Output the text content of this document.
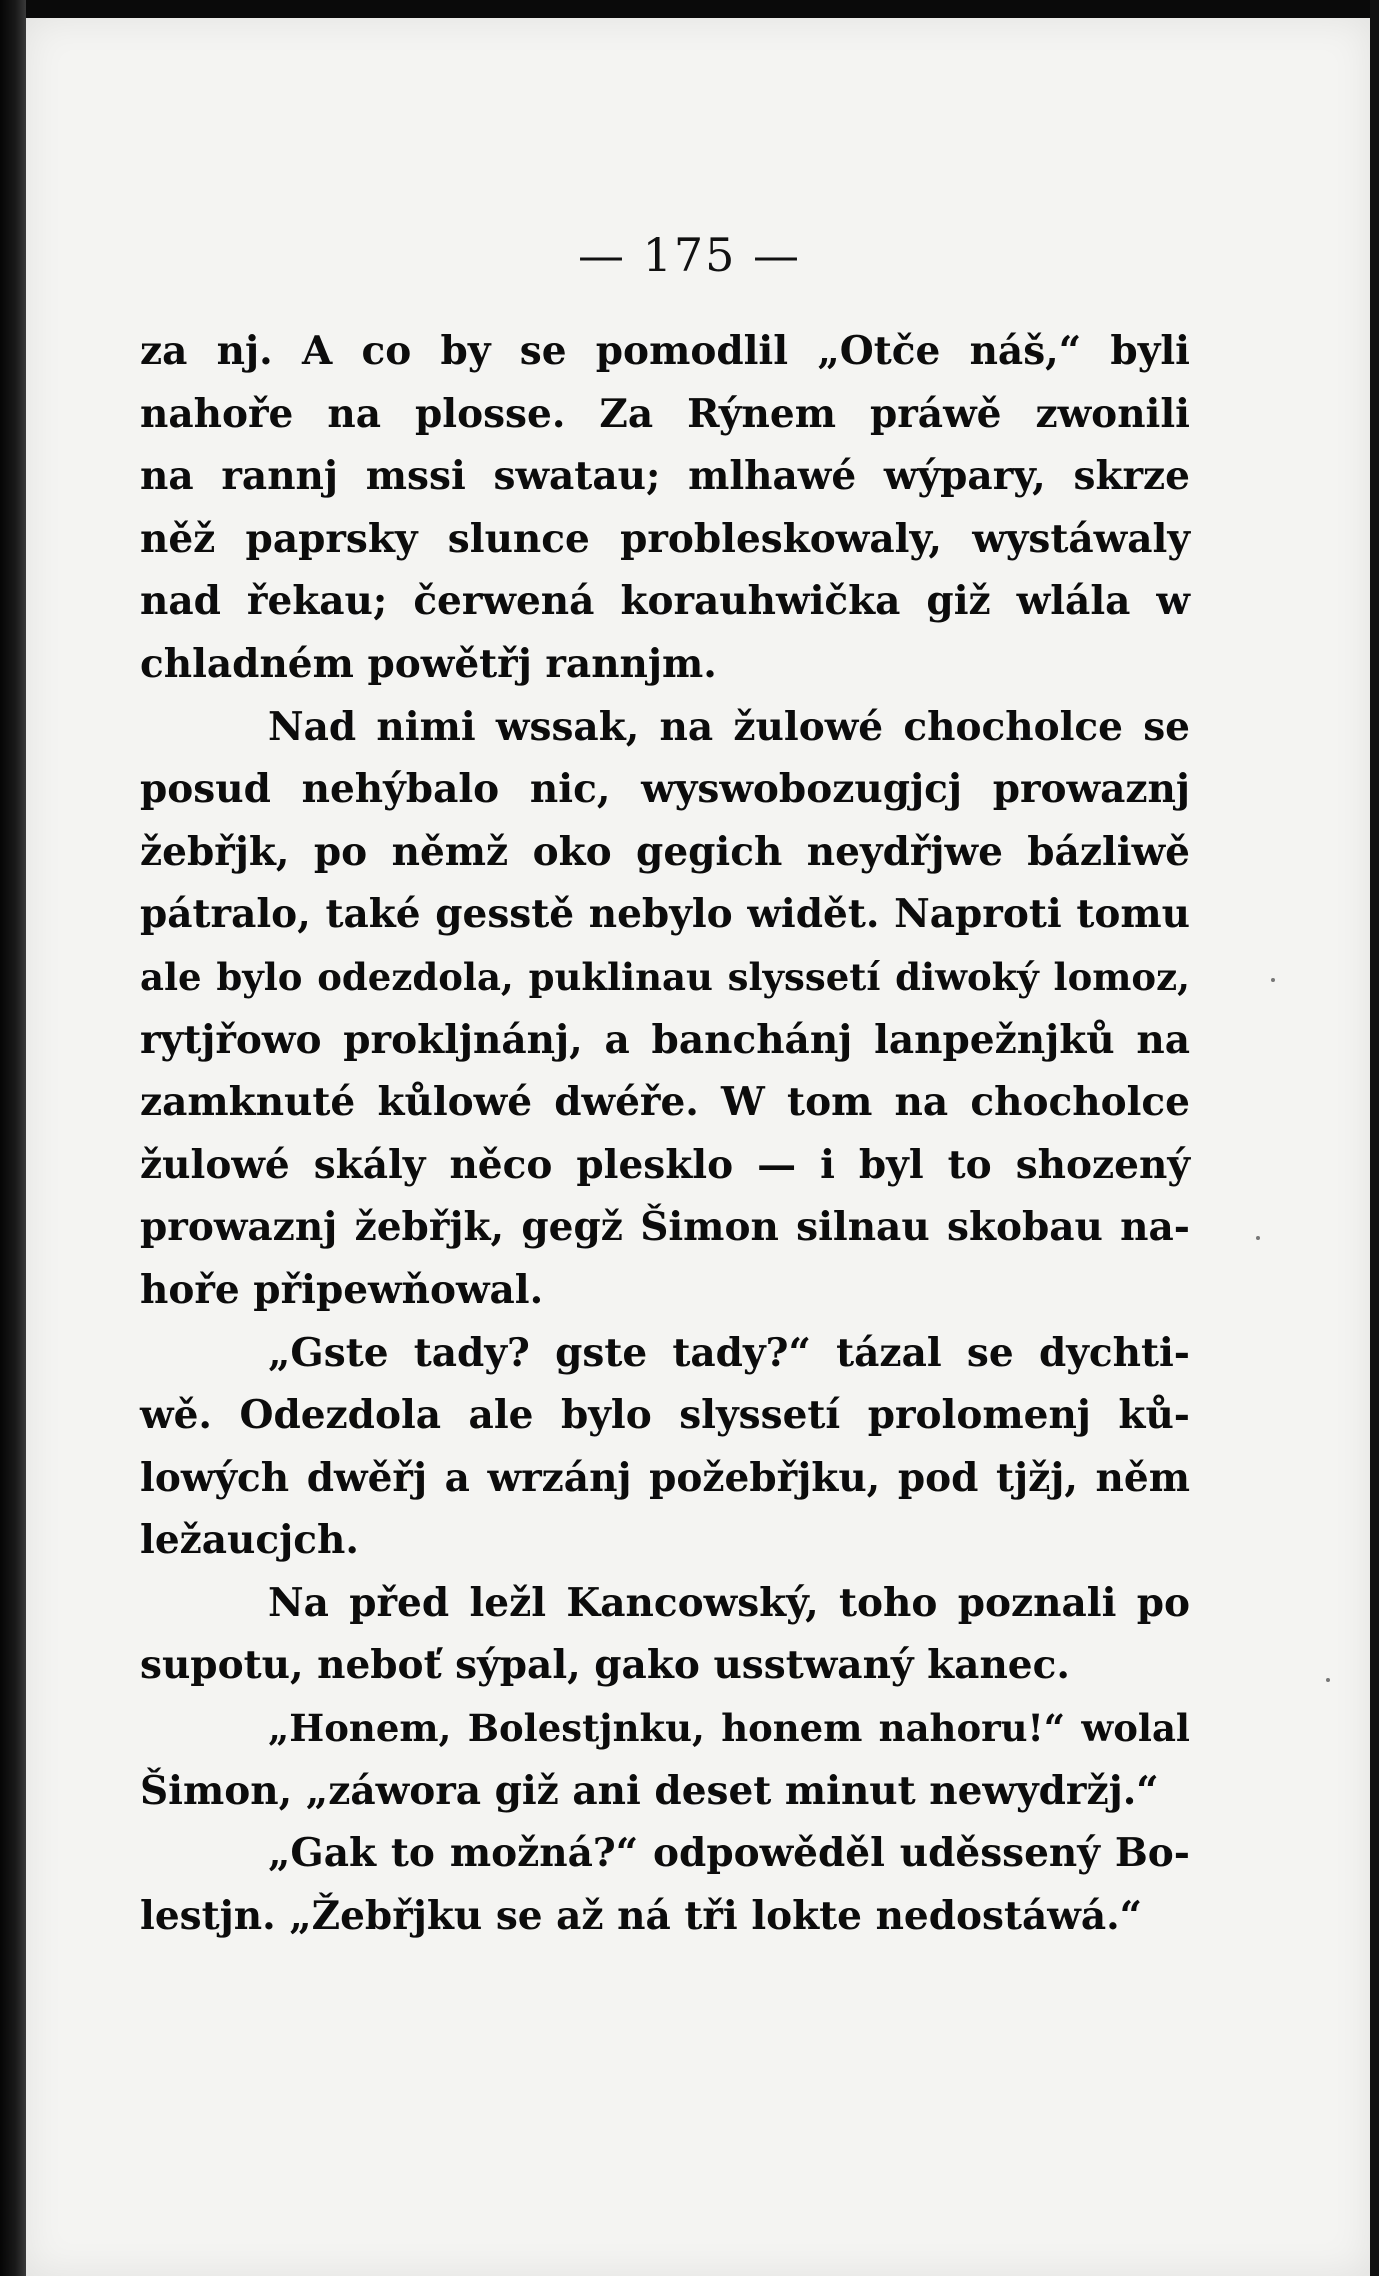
— 175 —
za nj. A co by se pomodlil „Otče náš,“ byli
nahoře na plosse. Za Rýnem práwě zwonili
na rannj mssi swatau; mlhawé wýpary, skrze
něž paprsky slunce probleskowaly, wystáwaly
nad řekau; čerwená korauhwička giž wlála w
chladném powětřj rannjm.
Nad nimi wssak, na žulowé chocholce se
posud nehýbalo nic, wyswobozugjcj prowaznj
žebřjk, po němž oko gegich neydřjwe bázliwě
pátralo, také gesstě nebylo widět. Naproti tomu
ale bylo odezdola, puklinau slyssetí diwoký lomoz,
rytjřowo prokljnánj, a banchánj lanpežnjků na
zamknuté kůlowé dwéře. W tom na chocholce
žulowé skály něco plesklo — i byl to shozený
prowaznj žebřjk, gegž Šimon silnau skobau na-
hoře připewňowal.
„Gste tady? gste tady?“ tázal se dychti-
wě. Odezdola ale bylo slyssetí prolomenj ků-
lowých dwěřj a wrzánj požebřjku, pod tjžj, něm
ležaucjch.
Na před ležl Kancowský, toho poznali po
supotu, neboť sýpal, gako usstwaný kanec.
„Honem, Bolestjnku, honem nahoru!“ wolal
Šimon, „záwora giž ani deset minut newydržj.“
„Gak to možná?“ odpowěděl uděssený Bo-
lestjn. „Žebřjku se až ná tři lokte nedostáwá.“
